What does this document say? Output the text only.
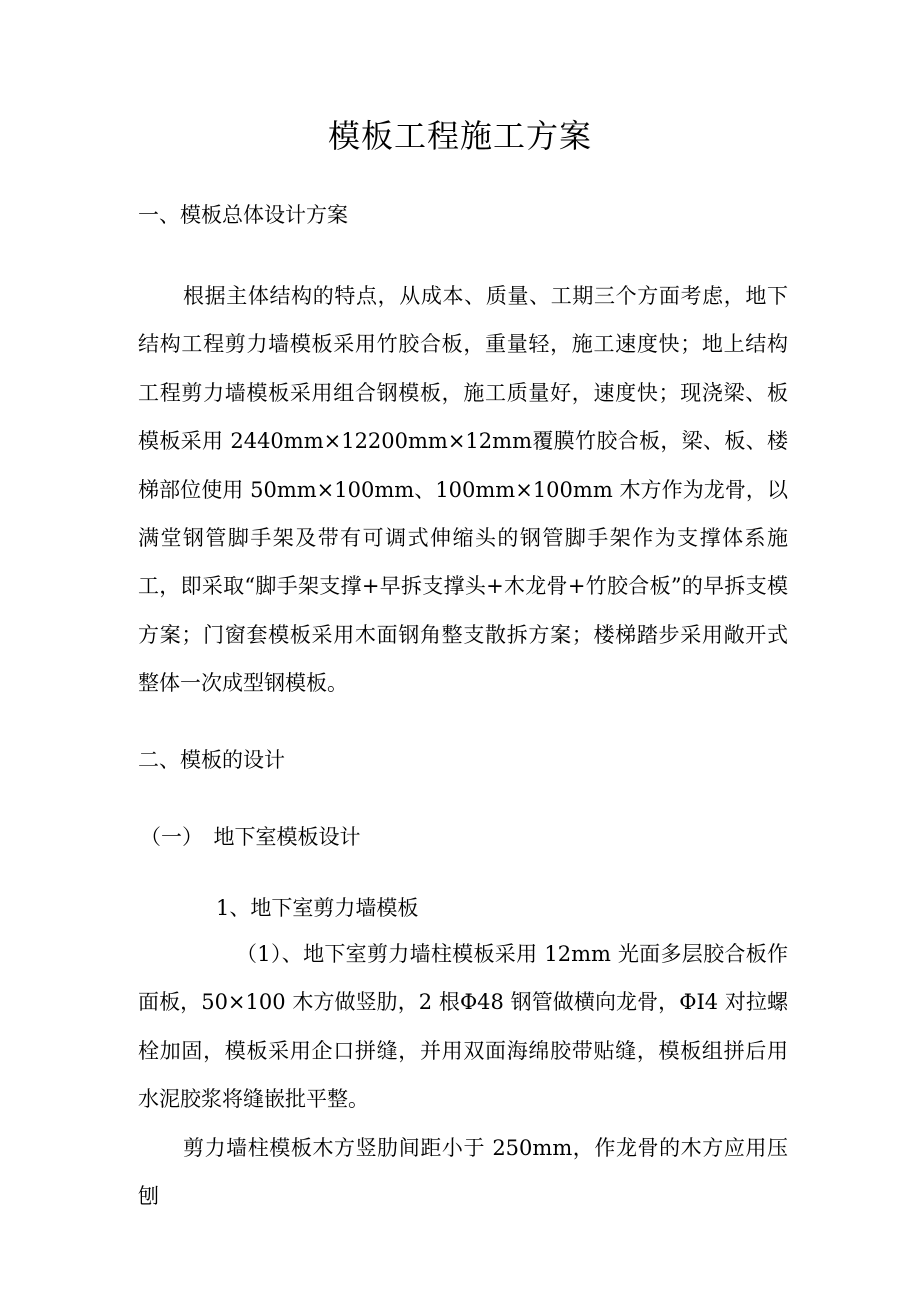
模板工程施工方案
一、模板总体设计方案
根据主体结构的特点，从成本、质量、工期三个方面考虑，地下结构工程剪力墙模板采用竹胶合板，重量轻，施工速度快；地上结构工程剪力墙模板采用组合钢模板，施工质量好，速度快；现浇梁、板模板采用 2440mm×12200mm×12mm覆膜竹胶合板，梁、板、楼梯部位使用 50mm×100mm、100mm×100mm 木方作为龙骨，以满堂钢管脚手架及带有可调式伸缩头的钢管脚手架作为支撑体系施工，即采取“脚手架支撑+早拆支撑头+木龙骨+竹胶合板”的早拆支模方案；门窗套模板采用木面钢角整支散拆方案；楼梯踏步采用敞开式整体一次成型钢模板。
二、模板的设计
（一）　地下室模板设计
1、地下室剪力墙模板
（1）、地下室剪力墙柱模板采用 12mm 光面多层胶合板作面板，50×100 木方做竖肋，2 根Φ48 钢管做横向龙骨，ΦI4 对拉螺栓加固，模板采用企口拼缝，并用双面海绵胶带贴缝，模板组拼后用水泥胶浆将缝嵌批平整。
剪力墙柱模板木方竖肋间距小于 250mm，作龙骨的木方应用压刨
